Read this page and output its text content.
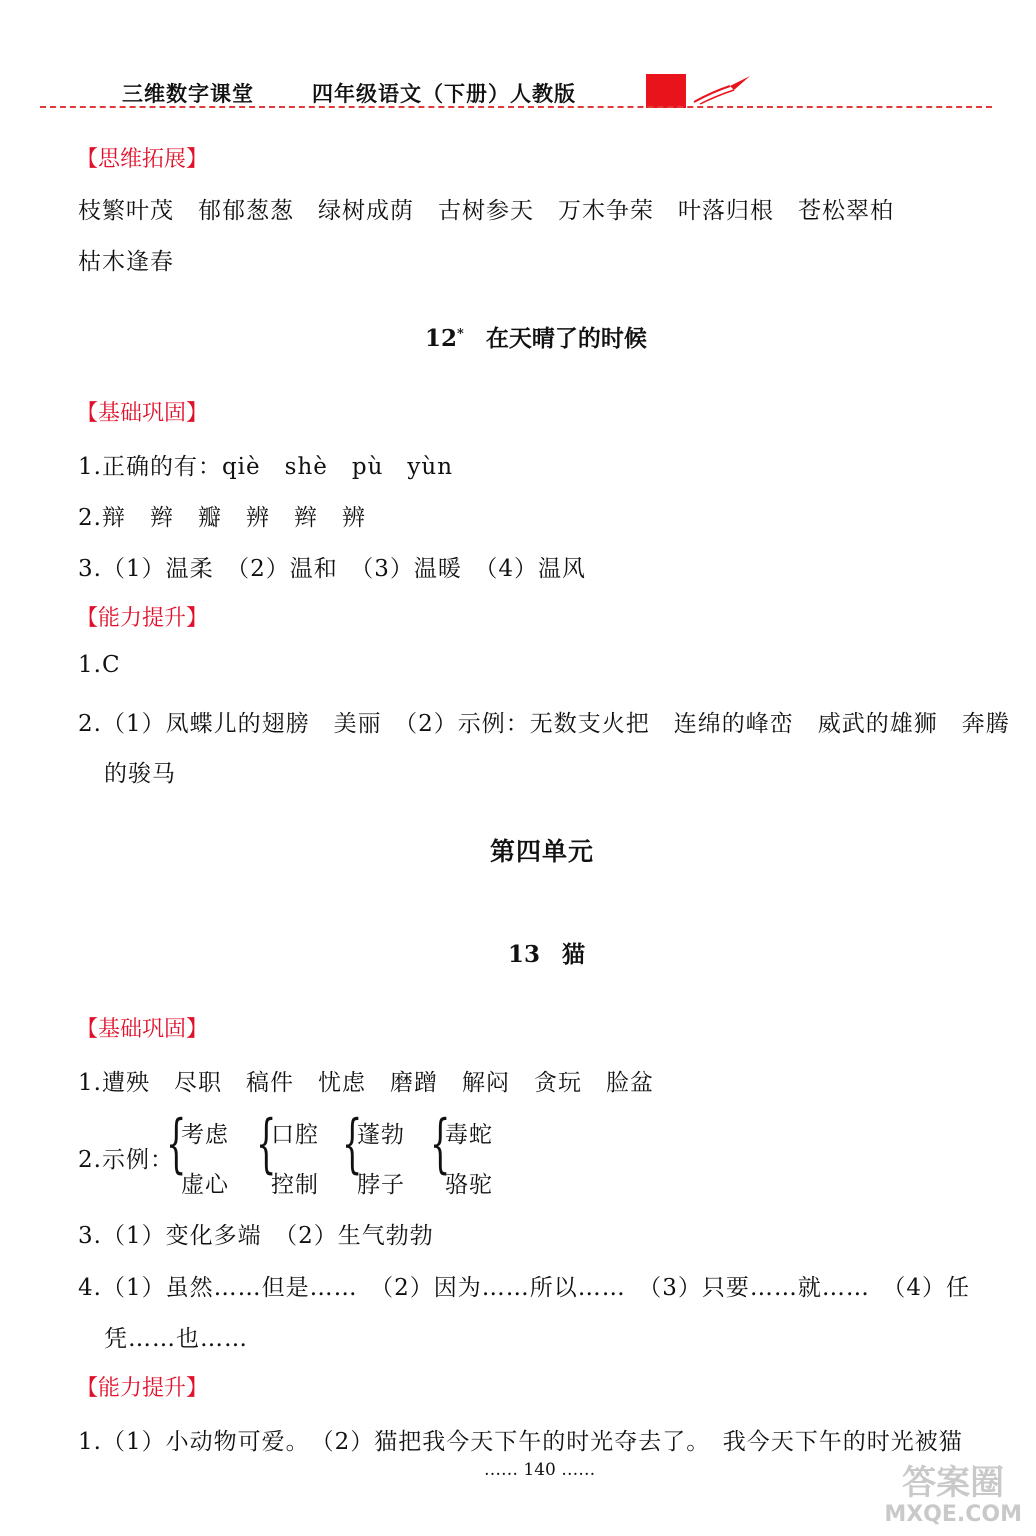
三维数字课堂	四年级语文（下册）人教版
【思维拓展】
枝繁叶茂　郁郁葱葱　绿树成荫　古树参天　万木争荣　叶落归根　苍松翠柏
枯木逢春
12* 在天晴了的时候
【基础巩固】
1.正确的有：qiè　shè　pù　yùn
2.辩　辫　瓣　辨　辫　辨
3.（1）温柔　（2）温和　（3）温暖　（4）温风
【能力提升】
1.C
2.（1）凤蝶儿的翅膀　美丽　（2）示例：无数支火把　连绵的峰峦　威武的雄狮　奔腾
的骏马
第四单元
13 猫
【基础巩固】
1.遭殃　尽职　稿件　忧虑　磨蹭　解闷　贪玩　脸盆
2.示例：
{
考虑
虚心
{
口腔
控制
{
蓬勃
脖子
{
毒蛇
骆驼
3.（1）变化多端　（2）生气勃勃
4.（1）虽然……但是……　（2）因为……所以……　（3）只要……就……　（4）任
凭……也……
【能力提升】
1.（1）小动物可爱。　（2）猫把我今天下午的时光夺去了。　我今天下午的时光被猫
…… 140 ……	答案圈
MXQE.COM
